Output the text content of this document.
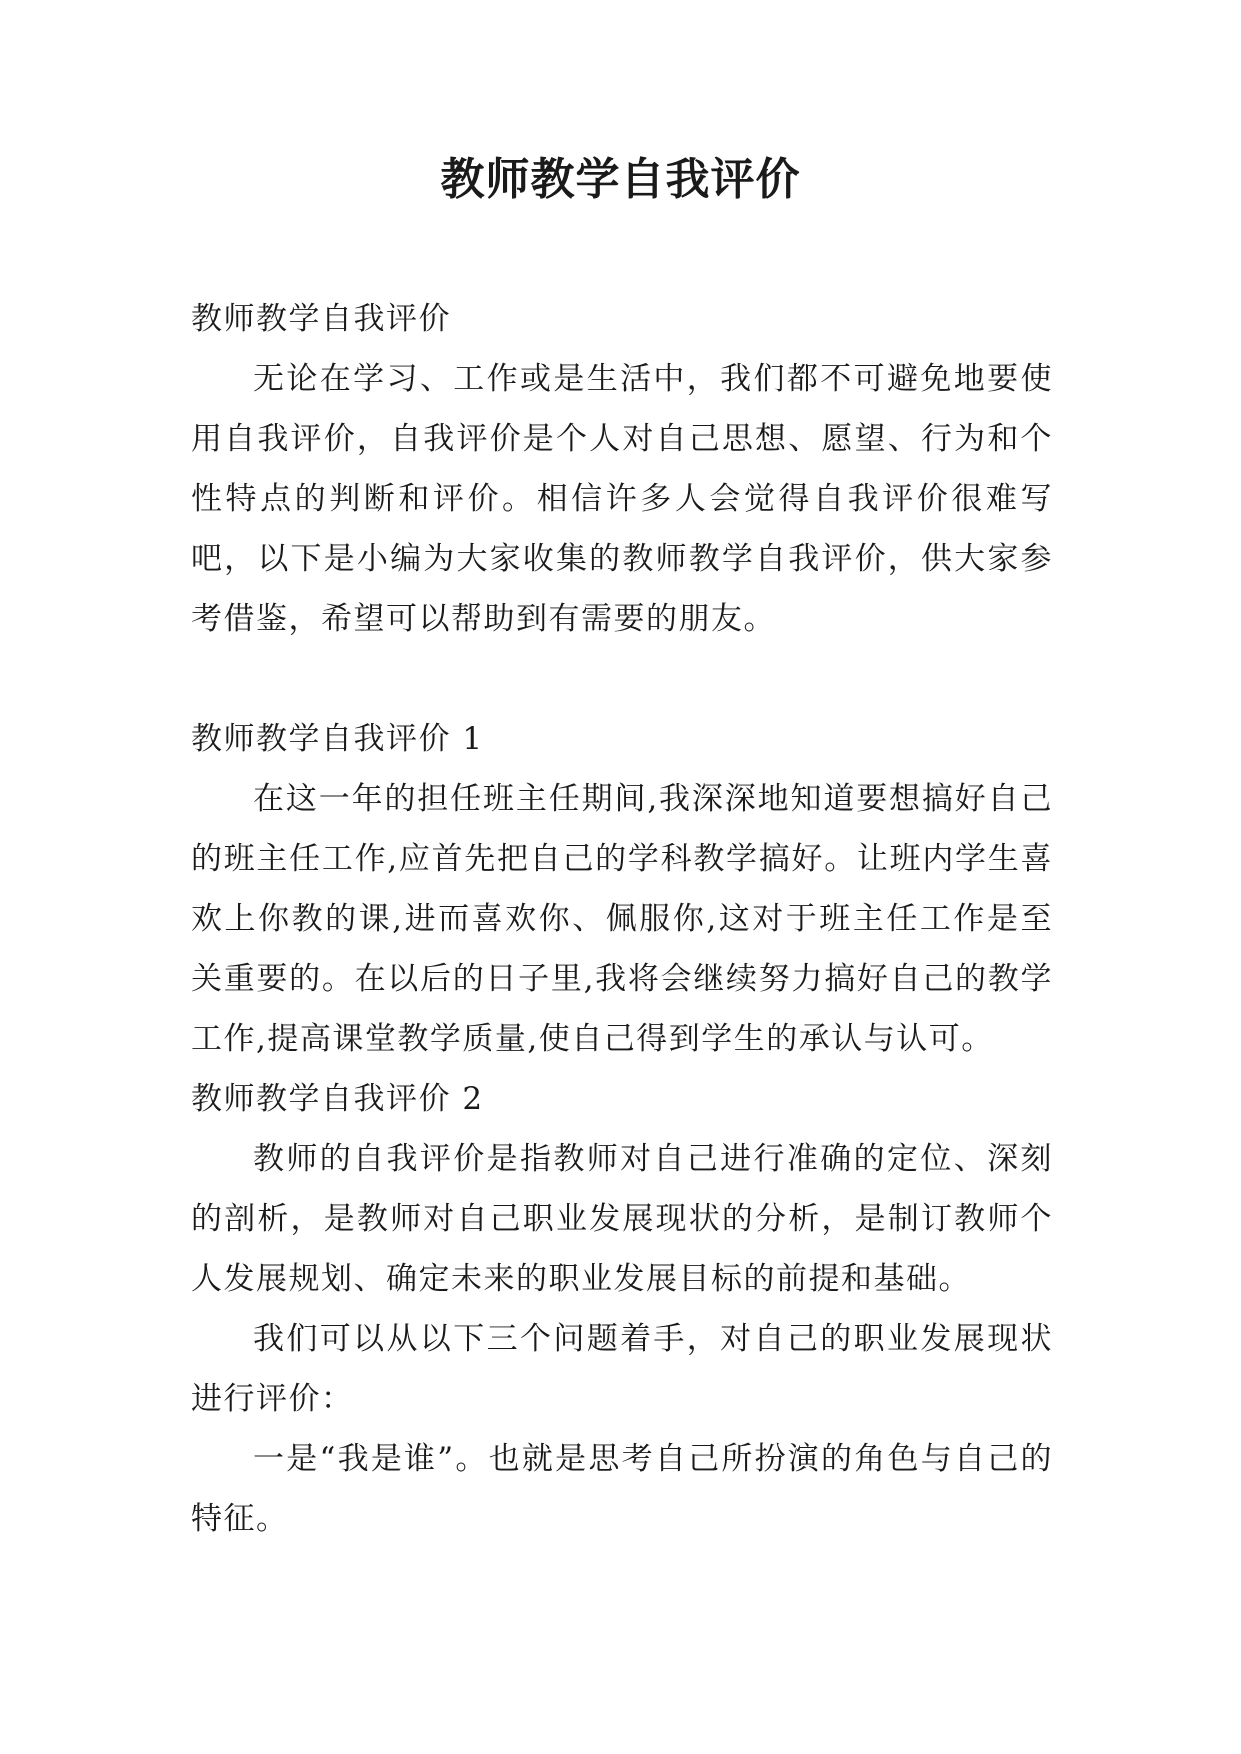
教师教学自我评价

教师教学自我评价

无论在学习、工作或是生活中，我们都不可避免地要使用自我评价，自我评价是个人对自己思想、愿望、行为和个性特点的判断和评价。相信许多人会觉得自我评价很难写吧，以下是小编为大家收集的教师教学自我评价，供大家参考借鉴，希望可以帮助到有需要的朋友。

教师教学自我评价 1

在这一年的担任班主任期间,我深深地知道要想搞好自己的班主任工作,应首先把自己的学科教学搞好。让班内学生喜欢上你教的课,进而喜欢你、佩服你,这对于班主任工作是至关重要的。在以后的日子里,我将会继续努力搞好自己的教学工作,提高课堂教学质量,使自己得到学生的承认与认可。

教师教学自我评价 2

教师的自我评价是指教师对自己进行准确的定位、深刻的剖析，是教师对自己职业发展现状的分析，是制订教师个人发展规划、确定未来的职业发展目标的前提和基础。

我们可以从以下三个问题着手，对自己的职业发展现状进行评价：

一是“我是谁”。也就是思考自己所扮演的角色与自己的特征。
